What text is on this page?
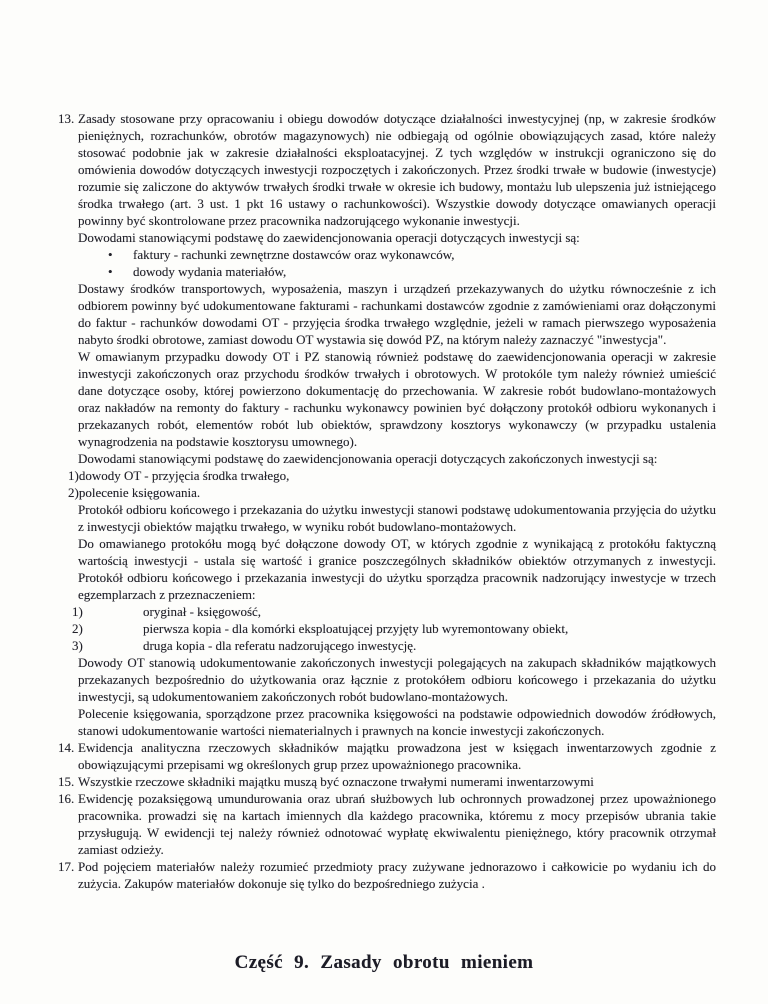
13. Zasady stosowane przy opracowaniu i obiegu dowodów dotyczące działalności inwestycyjnej (np, w zakresie środków pieniężnych, rozrachunków, obrotów magazynowych) nie odbiegają od ogólnie obowiązujących zasad, które należy stosować podobnie jak w zakresie działalności eksploatacyjnej. Z tych względów w instrukcji ograniczono się do omówienia dowodów dotyczących inwestycji rozpoczętych i zakończonych. Przez środki trwałe w budowie (inwestycje) rozumie się zaliczone do aktywów trwałych środki trwałe w okresie ich budowy, montażu lub ulepszenia już istniejącego środka trwałego (art. 3 ust. 1 pkt 16 ustawy o rachunkowości). Wszystkie dowody dotyczące omawianych operacji powinny być skontrolowane przez pracownika nadzorującego wykonanie inwestycji.
Dowodami stanowiącymi podstawę do zaewidencjonowania operacji dotyczących inwestycji są:
• faktury - rachunki zewnętrzne dostawców oraz wykonawców,
• dowody wydania materiałów,
Dostawy środków transportowych, wyposażenia, maszyn i urządzeń przekazywanych do użytku równocześnie z ich odbiorem powinny być udokumentowane fakturami - rachunkami dostawców zgodnie z zamówieniami oraz dołączonymi do faktur - rachunków dowodami OT - przyjęcia środka trwałego względnie, jeżeli w ramach pierwszego wyposażenia nabyto środki obrotowe, zamiast dowodu OT wystawia się dowód PZ, na którym należy zaznaczyć "inwestycja".
W omawianym przypadku dowody OT i PZ stanowią również podstawę do zaewidencjonowania operacji w zakresie inwestycji zakończonych oraz przychodu środków trwałych i obrotowych. W protokóle tym należy również umieścić dane dotyczące osoby, której powierzono dokumentację do przechowania. W zakresie robót budowlano-montażowych oraz nakładów na remonty do faktury - rachunku wykonawcy powinien być dołączony protokół odbioru wykonanych i przekazanych robót, elementów robót lub obiektów, sprawdzony kosztorys wykonawczy (w przypadku ustalenia wynagrodzenia na podstawie kosztorysu umownego).
Dowodami stanowiącymi podstawę do zaewidencjonowania operacji dotyczących zakończonych inwestycji są:
1)dowody OT - przyjęcia środka trwałego,
2)polecenie księgowania.
Protokół odbioru końcowego i przekazania do użytku inwestycji stanowi podstawę udokumentowania przyjęcia do użytku z inwestycji obiektów majątku trwałego, w wyniku robót budowlano-montażowych.
Do omawianego protokółu mogą być dołączone dowody OT, w których zgodnie z wynikającą z protokółu faktyczną wartością inwestycji - ustala się wartość i granice poszczególnych składników obiektów otrzymanych z inwestycji. Protokół odbioru końcowego i przekazania inwestycji do użytku sporządza pracownik nadzorujący inwestycje w trzech egzemplarzach z przeznaczeniem:
1)	oryginał - księgowość,
2)	pierwsza kopia - dla komórki eksploatującej przyjęty lub wyremontowany obiekt,
3)	druga kopia - dla referatu nadzorującego inwestycję.
Dowody OT stanowią udokumentowanie zakończonych inwestycji polegających na zakupach składników majątkowych przekazanych bezpośrednio do użytkowania oraz łącznie z protokółem odbioru końcowego i przekazania do użytku inwestycji, są udokumentowaniem zakończonych robót budowlano-montażowych.
Polecenie księgowania, sporządzone przez pracownika księgowości na podstawie odpowiednich dowodów źródłowych, stanowi udokumentowanie wartości niematerialnych i prawnych na koncie inwestycji zakończonych.
14. Ewidencja analityczna rzeczowych składników majątku prowadzona jest w księgach inwentarzowych zgodnie z obowiązującymi przepisami wg określonych grup przez upoważnionego pracownika.
15. Wszystkie rzeczowe składniki majątku muszą być oznaczone trwałymi numerami inwentarzowymi
16. Ewidencję pozaksięgową umundurowania oraz ubrań służbowych lub ochronnych prowadzonej przez upoważnionego pracownika. prowadzi się na kartach imiennych dla każdego pracownika, któremu z mocy przepisów ubrania takie przysługują. W ewidencji tej należy również odnotować wypłatę ekwiwalentu pieniężnego, który pracownik otrzymał zamiast odzieży.
17. Pod pojęciem materiałów należy rozumieć przedmioty pracy zużywane jednorazowo i całkowicie po wydaniu ich do zużycia. Zakupów materiałów dokonuje się tylko do bezpośredniego zużycia .
Część 9. Zasady obrotu mieniem
